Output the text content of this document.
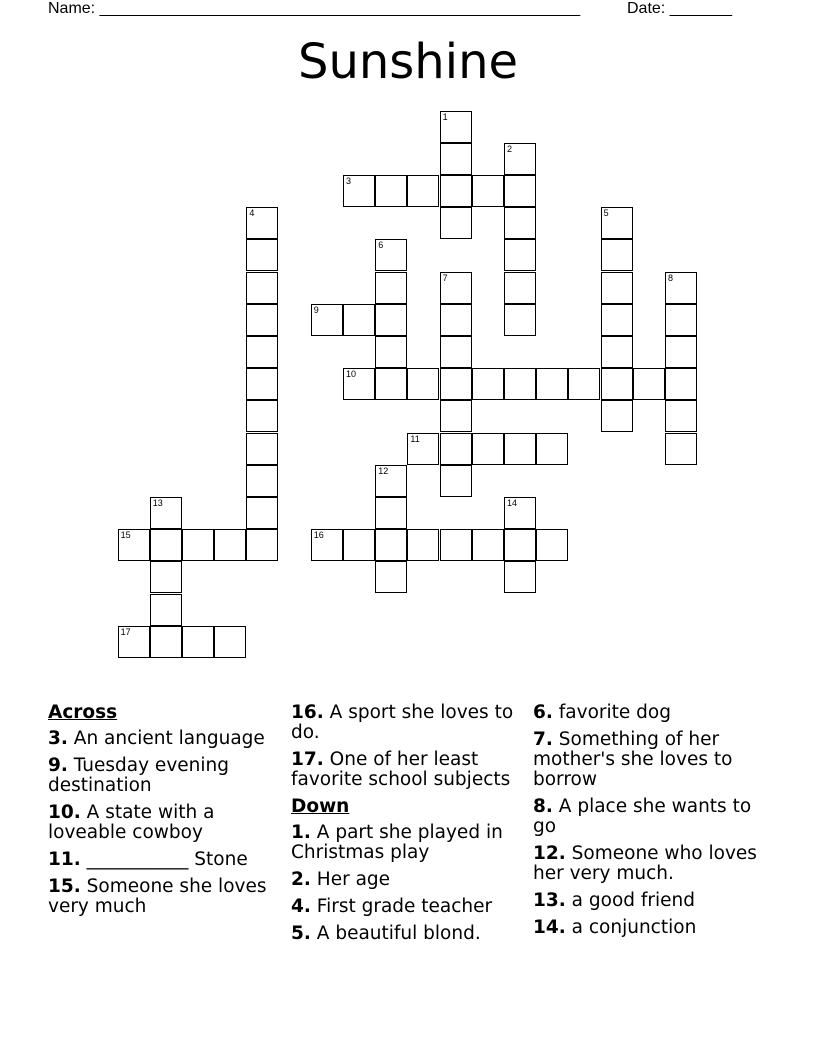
Name: ______________________________________________________	Date: _______
Sunshine
1
2
3
4	5
6
7	8
9
10
11
12
13	14
15	16
17
Across
3. An ancient language
9. Tuesday evening destination
10. A state with a loveable cowboy
11. ___________ Stone
15. Someone she loves very much
16. A sport she loves to do.
17. One of her least favorite school subjects
Down
1. A part she played in Christmas play
2. Her age
4. First grade teacher
5. A beautiful blond.
6. favorite dog
7. Something of her mother's she loves to borrow
8. A place she wants to go
12. Someone who loves her very much.
13. a good friend
14. a conjunction
